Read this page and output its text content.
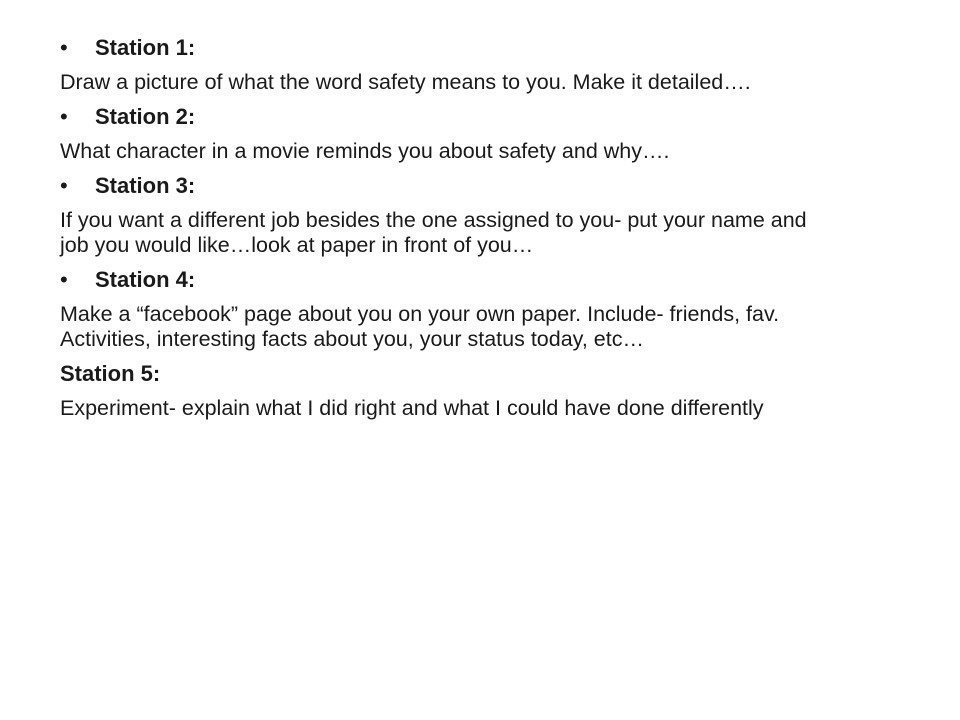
•	Station 1:
Draw a picture of what the word safety means to you. Make it detailed….
•	Station 2:
What character in a movie reminds you about safety and why….
•	Station 3:
If you want a different job besides the one assigned to you- put your name and job you would like…look at paper in front of you…
•	Station 4:
Make a “facebook” page about you on your own paper. Include- friends, fav. Activities, interesting facts about you, your status today, etc…
Station 5:
Experiment- explain what I did right and what I could have done differently
